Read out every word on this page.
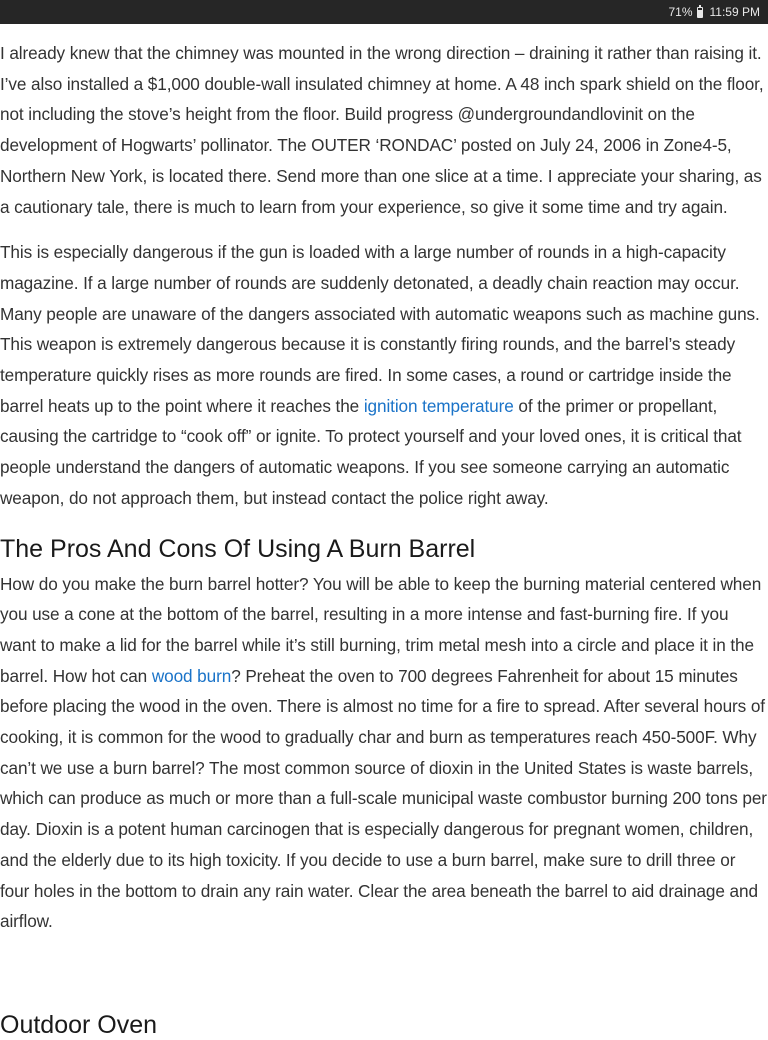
71% 11:59 PM

I already knew that the chimney was mounted in the wrong direction – draining it rather than raising it. I’ve also installed a $1,000 double-wall insulated chimney at home. A 48 inch spark shield on the floor, not including the stove’s height from the floor. Build progress @undergroundandlovinit on the development of Hogwarts’ pollinator. The OUTER ‘RONDAC’ posted on July 24, 2006 in Zone4-5, Northern New York, is located there. Send more than one slice at a time. I appreciate your sharing, as a cautionary tale, there is much to learn from your experience, so give it some time and try again.

This is especially dangerous if the gun is loaded with a large number of rounds in a high-capacity magazine. If a large number of rounds are suddenly detonated, a deadly chain reaction may occur. Many people are unaware of the dangers associated with automatic weapons such as machine guns. This weapon is extremely dangerous because it is constantly firing rounds, and the barrel’s steady temperature quickly rises as more rounds are fired. In some cases, a round or cartridge inside the barrel heats up to the point where it reaches the ignition temperature of the primer or propellant, causing the cartridge to “cook off” or ignite. To protect yourself and your loved ones, it is critical that people understand the dangers of automatic weapons. If you see someone carrying an automatic weapon, do not approach them, but instead contact the police right away.

The Pros And Cons Of Using A Burn Barrel

How do you make the burn barrel hotter? You will be able to keep the burning material centered when you use a cone at the bottom of the barrel, resulting in a more intense and fast-burning fire. If you want to make a lid for the barrel while it’s still burning, trim metal mesh into a circle and place it in the barrel. How hot can wood burn? Preheat the oven to 700 degrees Fahrenheit for about 15 minutes before placing the wood in the oven. There is almost no time for a fire to spread. After several hours of cooking, it is common for the wood to gradually char and burn as temperatures reach 450-500F. Why can’t we use a burn barrel? The most common source of dioxin in the United States is waste barrels, which can produce as much or more than a full-scale municipal waste combustor burning 200 tons per day. Dioxin is a potent human carcinogen that is especially dangerous for pregnant women, children, and the elderly due to its high toxicity. If you decide to use a burn barrel, make sure to drill three or four holes in the bottom to drain any rain water. Clear the area beneath the barrel to aid drainage and airflow.

Outdoor Oven
